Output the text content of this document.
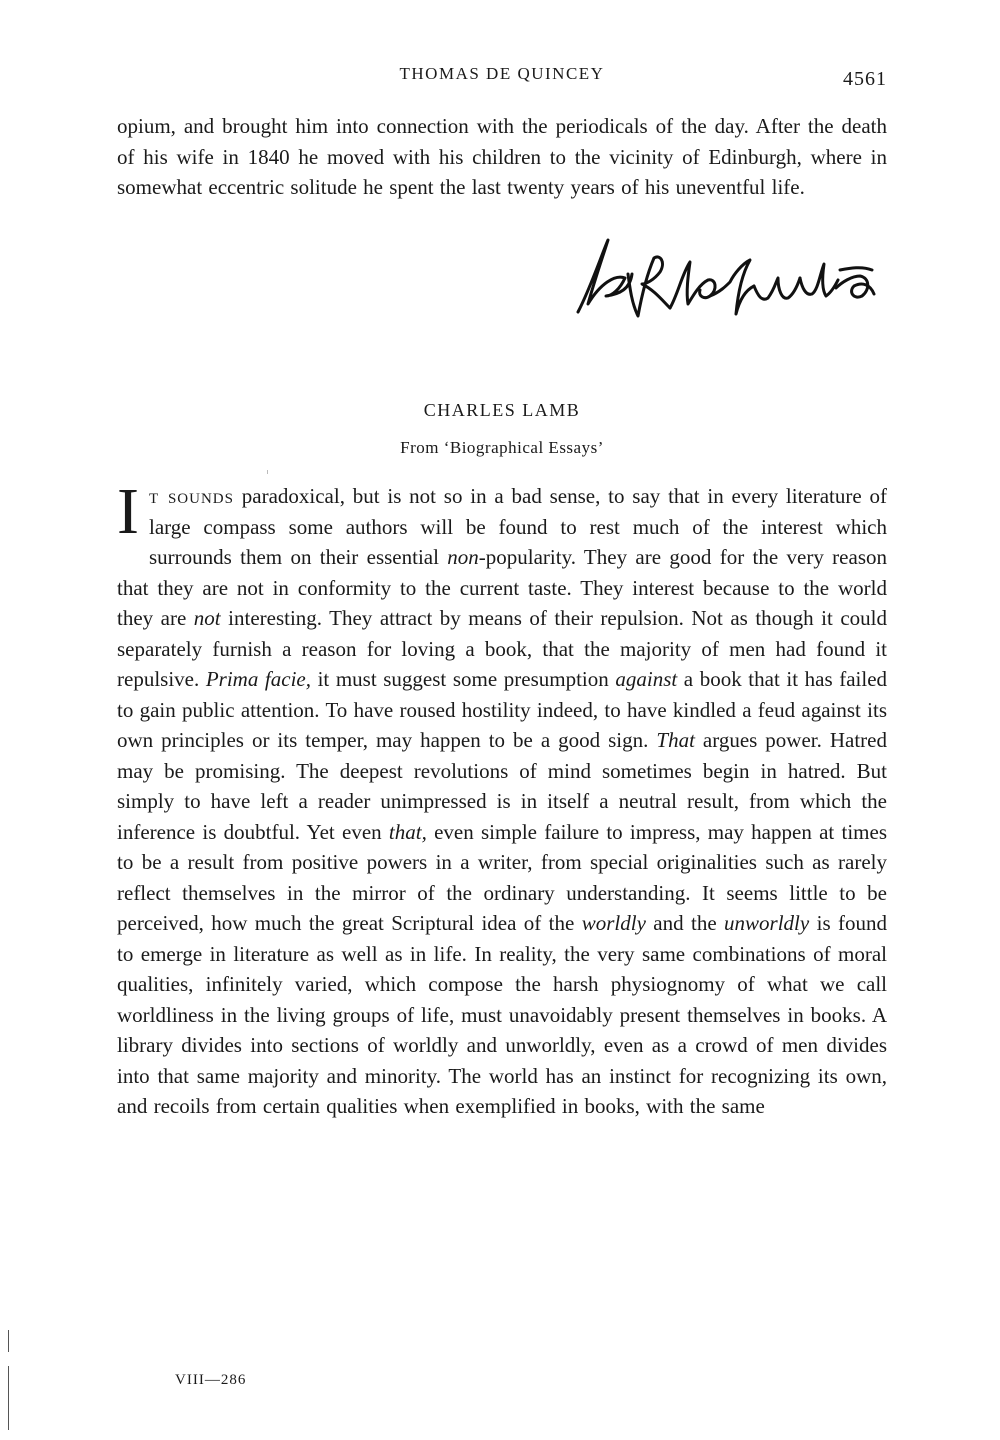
THOMAS DE QUINCEY	4561

opium, and brought him into connection with the periodicals of the day. After the death of his wife in 1840 he moved with his children to the vicinity of Edinburgh, where in somewhat eccentric solitude he spent the last twenty years of his uneventful life.

CHARLES LAMB
From ‘Biographical Essays’

It sounds paradoxical, but is not so in a bad sense, to say that in every literature of large compass some authors will be found to rest much of the interest which surrounds them on their essential non-popularity. They are good for the very reason that they are not in conformity to the current taste. They interest because to the world they are not interesting. They attract by means of their repulsion. Not as though it could separately furnish a reason for loving a book, that the majority of men had found it repulsive. Prima facie, it must suggest some presumption against a book that it has failed to gain public attention. To have roused hostility indeed, to have kindled a feud against its own principles or its temper, may happen to be a good sign. That argues power. Hatred may be promising. The deepest revolutions of mind sometimes begin in hatred. But simply to have left a reader unimpressed is in itself a neutral result, from which the inference is doubtful. Yet even that, even simple failure to impress, may happen at times to be a result from positive powers in a writer, from special originalities such as rarely reflect themselves in the mirror of the ordinary understanding. It seems little to be perceived, how much the great Scriptural idea of the worldly and the unworldly is found to emerge in literature as well as in life. In reality, the very same combinations of moral qualities, infinitely varied, which compose the harsh physiognomy of what we call worldliness in the living groups of life, must unavoidably present themselves in books. A library divides into sections of worldly and unworldly, even as a crowd of men divides into that same majority and minority. The world has an instinct for recognizing its own, and recoils from certain qualities when exemplified in books, with the same

VIII—286
